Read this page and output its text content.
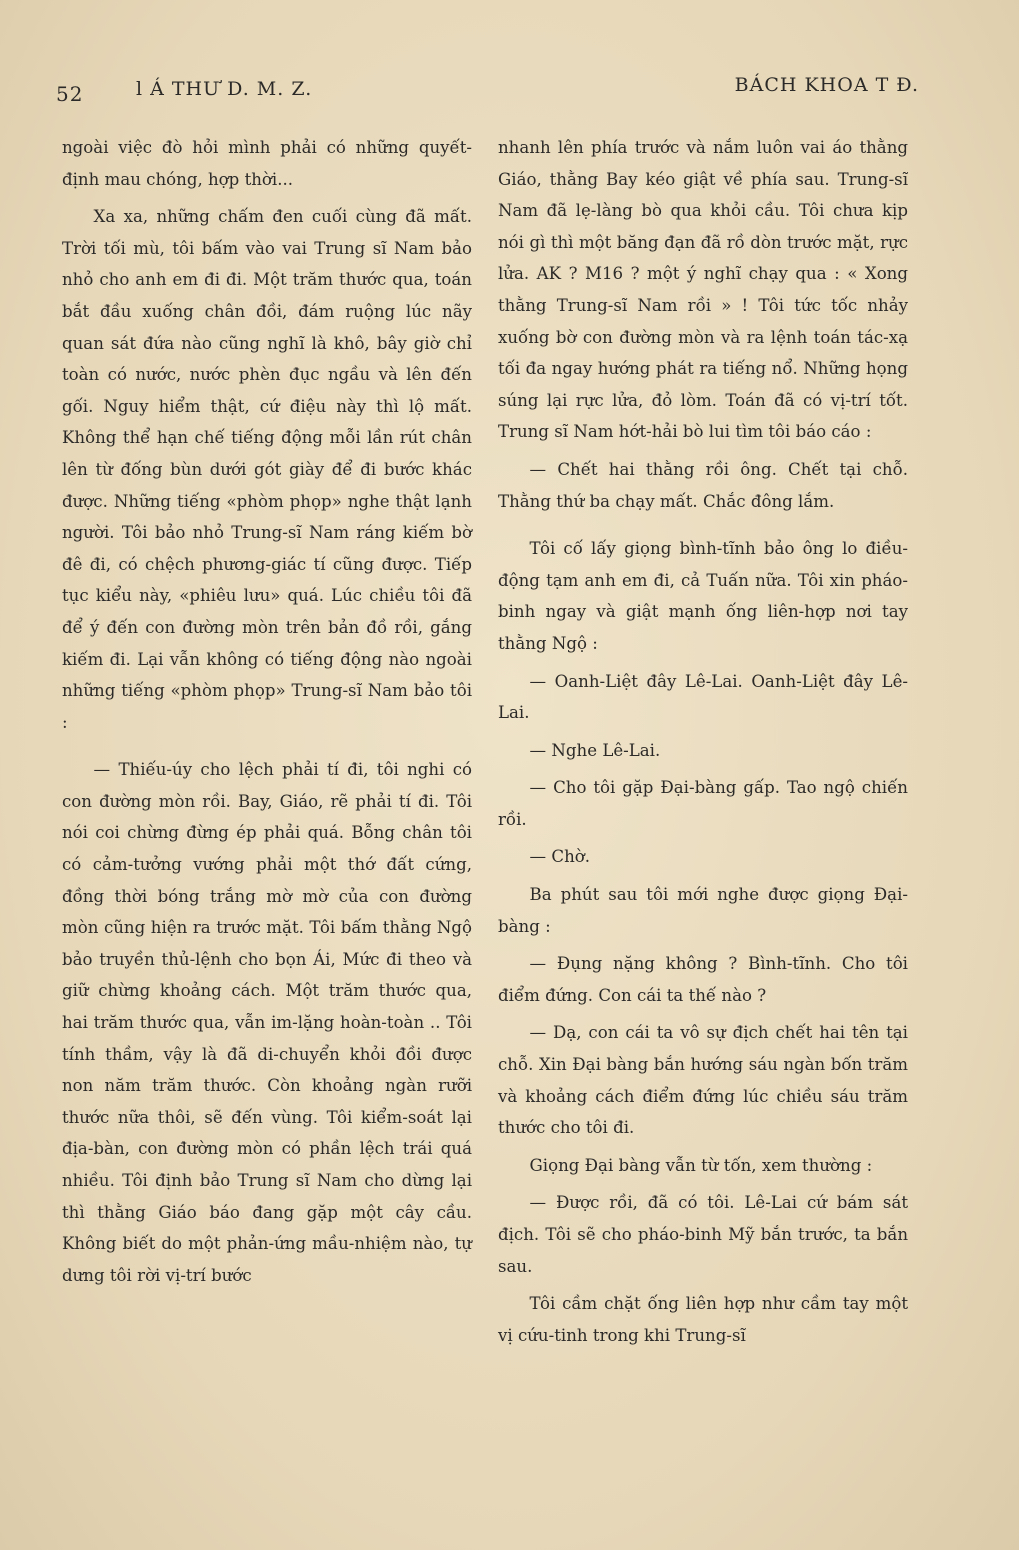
52	l Á THƯ D. M. Z.	BÁCH KHOA T Đ.

ngoài việc đò hỏi mình phải có những quyết-định mau chóng, hợp thời...

Xa xa, những chấm đen cuối cùng đã mất. Trời tối mù, tôi bấm vào vai Trung sĩ Nam bảo nhỏ cho anh em đi đi. Một trăm thước qua, toán bắt đầu xuống chân đồi, đám ruộng lúc nãy quan sát đứa nào cũng nghĩ là khô, bây giờ chỉ toàn có nước, nước phèn đục ngầu và lên đến gối. Nguy hiểm thật, cứ điệu này thì lộ mất. Không thể hạn chế tiếng động mỗi lần rút chân lên từ đống bùn dưới gót giày để đi bước khác được. Những tiếng «phòm phọp» nghe thật lạnh người. Tôi bảo nhỏ Trung-sĩ Nam ráng kiếm bờ đê đi, có chệch phương-giác tí cũng được. Tiếp tục kiểu này, «phiêu lưu» quá. Lúc chiều tôi đã để ý đến con đường mòn trên bản đồ rồi, gắng kiếm đi. Lại vẫn không có tiếng động nào ngoài những tiếng «phòm phọp» Trung-sĩ Nam bảo tôi :

— Thiếu-úy cho lệch phải tí đi, tôi nghi có con đường mòn rồi. Bay, Giáo, rẽ phải tí đi. Tôi nói coi chừng đừng ép phải quá. Bỗng chân tôi có cảm-tưởng vướng phải một thớ đất cứng, đồng thời bóng trắng mờ mờ của con đường mòn cũng hiện ra trước mặt. Tôi bấm thằng Ngộ bảo truyền thủ-lệnh cho bọn Ái, Mức đi theo và giữ chừng khoảng cách. Một trăm thước qua, hai trăm thước qua, vẫn im-lặng hoàn-toàn .. Tôi tính thầm, vậy là đã di-chuyển khỏi đồi được non năm trăm thước. Còn khoảng ngàn rưỡi thước nữa thôi, sẽ đến vùng. Tôi kiểm-soát lại địa-bàn, con đường mòn có phần lệch trái quá nhiều. Tôi định bảo Trung sĩ Nam cho dừng lại thì thằng Giáo báo đang gặp một cây cầu. Không biết do một phản-ứng mầu-nhiệm nào, tự dưng tôi rời vị-trí bước

nhanh lên phía trước và nắm luôn vai áo thằng Giáo, thằng Bay kéo giật về phía sau. Trung-sĩ Nam đã lẹ-làng bò qua khỏi cầu. Tôi chưa kịp nói gì thì một băng đạn đã rồ dòn trước mặt, rực lửa. AK ? M16 ? một ý nghĩ chạy qua : « Xong thằng Trung-sĩ Nam rồi » ! Tôi tức tốc nhảy xuống bờ con đường mòn và ra lệnh toán tác-xạ tối đa ngay hướng phát ra tiếng nổ. Những họng súng lại rực lửa, đỏ lòm. Toán đã có vị-trí tốt. Trung sĩ Nam hớt-hải bò lui tìm tôi báo cáo :

— Chết hai thằng rồi ông. Chết tại chỗ. Thằng thứ ba chạy mất. Chắc đông lắm.

Tôi cố lấy giọng bình-tĩnh bảo ông lo điều-động tạm anh em đi, cả Tuấn nữa. Tôi xin pháo-binh ngay và giật mạnh ống liên-hợp nơi tay thằng Ngộ :

— Oanh-Liệt đây Lê-Lai. Oanh-Liệt đây Lê-Lai.

— Nghe Lê-Lai.

— Cho tôi gặp Đại-bàng gấp. Tao ngộ chiến rồi.

— Chờ.

Ba phút sau tôi mới nghe được giọng Đại-bàng :

— Đụng nặng không ? Bình-tĩnh. Cho tôi điểm đứng. Con cái ta thế nào ?

— Dạ, con cái ta vô sự địch chết hai tên tại chỗ. Xin Đại bàng bắn hướng sáu ngàn bốn trăm và khoảng cách điểm đứng lúc chiều sáu trăm thước cho tôi đi.

Giọng Đại bàng vẫn từ tốn, xem thường :

— Được rồi, đã có tôi. Lê-Lai cứ bám sát địch. Tôi sẽ cho pháo-binh Mỹ bắn trước, ta bắn sau.

Tôi cầm chặt ống liên hợp như cầm tay một vị cứu-tinh trong khi Trung-sĩ
